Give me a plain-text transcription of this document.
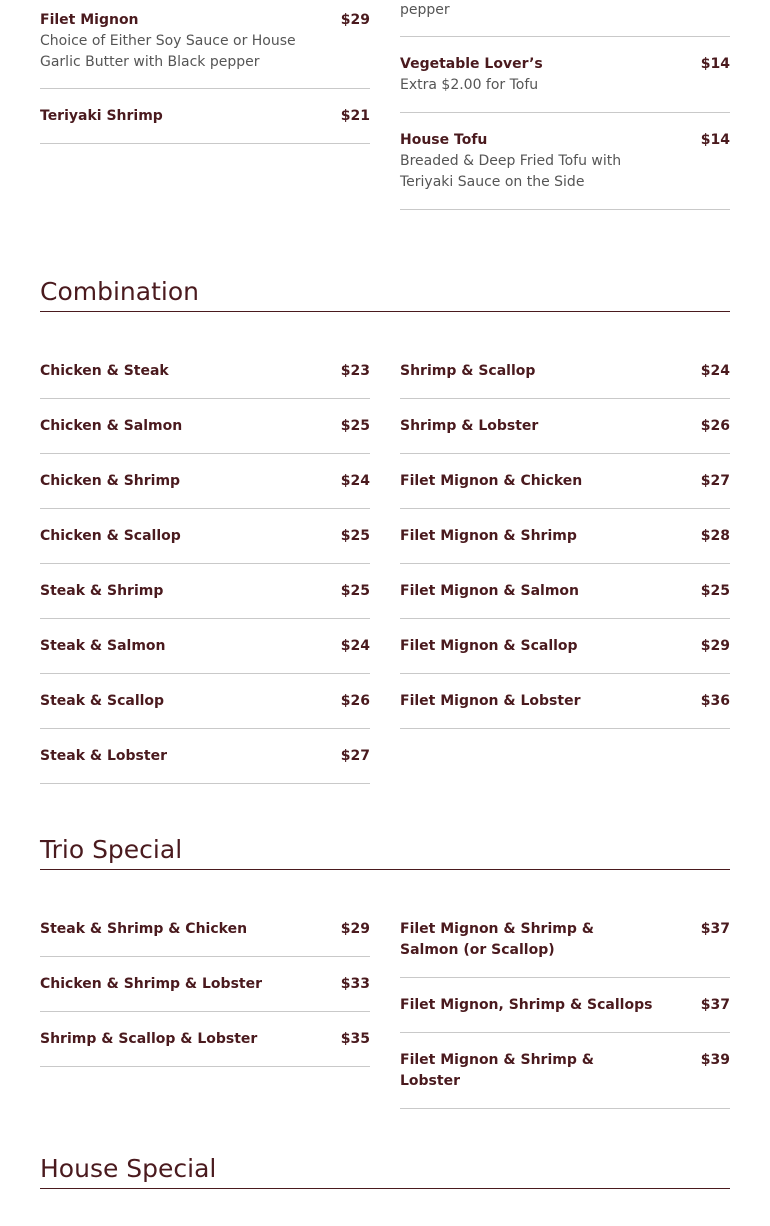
Filet Mignon	$29
Choice of Either Soy Sauce or House Garlic Butter with Black pepper
Teriyaki Shrimp	$21
pepper
Vegetable Lover’s	$14
Extra $2.00 for Tofu
House Tofu	$14
Breaded & Deep Fried Tofu with Teriyaki Sauce on the Side
Combination
Chicken & Steak	$23
Chicken & Salmon	$25
Chicken & Shrimp	$24
Chicken & Scallop	$25
Steak & Shrimp	$25
Steak & Salmon	$24
Steak & Scallop	$26
Steak & Lobster	$27
Shrimp & Scallop	$24
Shrimp & Lobster	$26
Filet Mignon & Chicken	$27
Filet Mignon & Shrimp	$28
Filet Mignon & Salmon	$25
Filet Mignon & Scallop	$29
Filet Mignon & Lobster	$36
Trio Special
Steak & Shrimp & Chicken	$29
Chicken & Shrimp & Lobster	$33
Shrimp & Scallop & Lobster	$35
Filet Mignon & Shrimp & Salmon (or Scallop)
$37
Filet Mignon, Shrimp & Scallops	$37
Filet Mignon & Shrimp & Lobster
$39
House Special
